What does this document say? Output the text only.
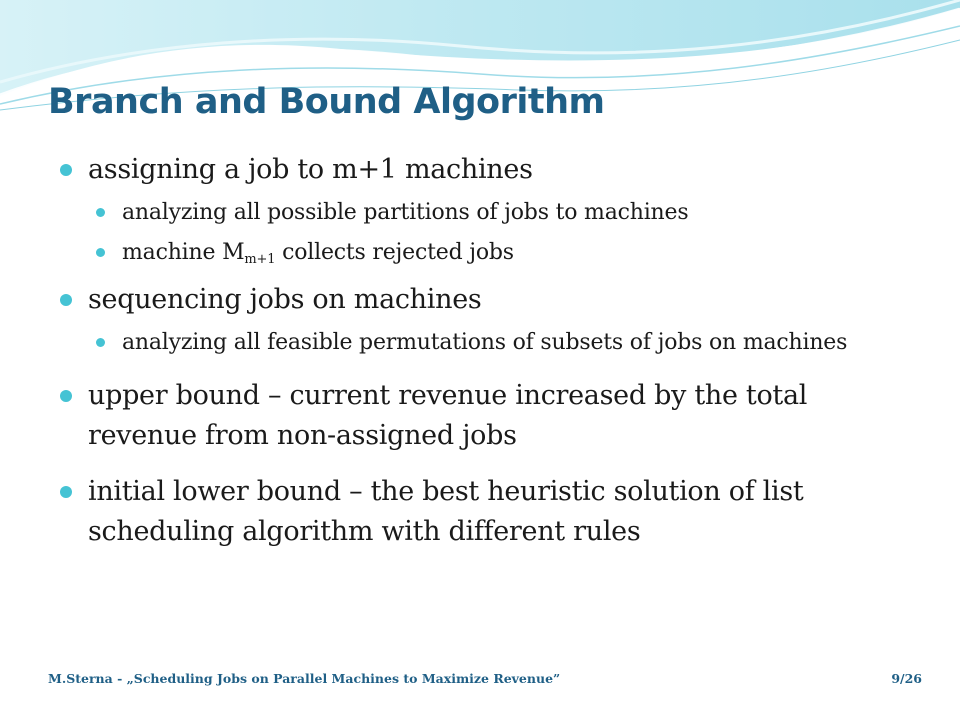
Branch and Bound Algorithm
assigning a job to m+1 machines
analyzing all possible partitions of jobs to machines
machine $M_{m+1}$ collects rejected jobs
sequencing jobs on machines
analyzing all feasible permutations of subsets of jobs on machines
upper bound – current revenue increased by the total revenue from non-assigned jobs
initial lower bound – the best heuristic solution of list scheduling algorithm with different rules
M.Sterna - „Scheduling Jobs on Parallel Machines to Maximize Revenue”	9/26
